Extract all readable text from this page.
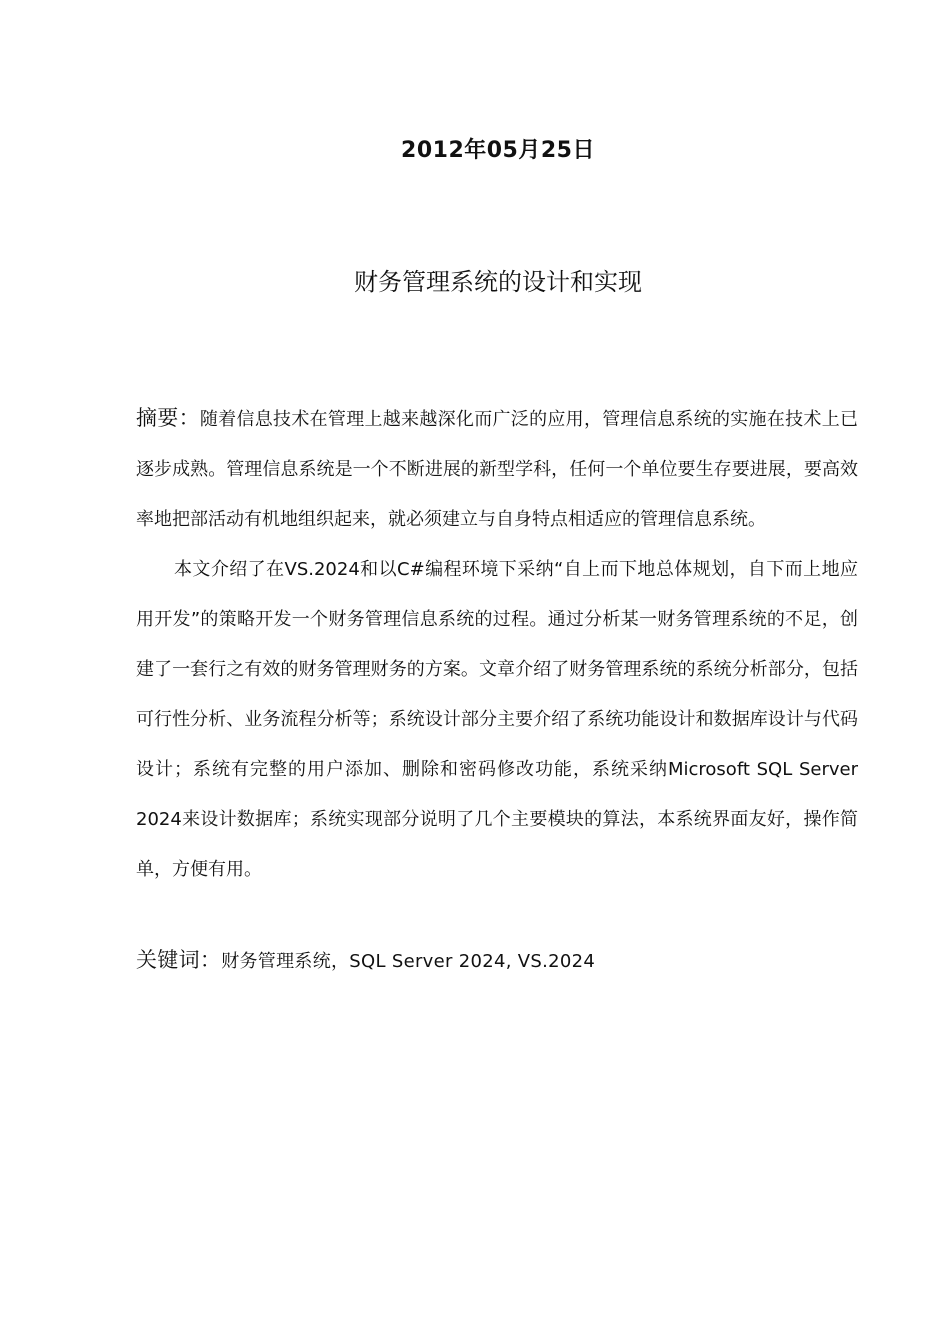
2012年05月25日
财务管理系统的设计和实现

摘要：随着信息技术在管理上越来越深化而广泛的应用，管理信息系统的实施在技术上已逐步成熟。管理信息系统是一个不断进展的新型学科，任何一个单位要生存要进展，要高效率地把部活动有机地组织起来，就必须建立与自身特点相适应的管理信息系统。

本文介绍了在VS.2024和以C#编程环境下采纳“自上而下地总体规划，自下而上地应用开发”的策略开发一个财务管理信息系统的过程。通过分析某一财务管理系统的不足，创建了一套行之有效的财务管理财务的方案。文章介绍了财务管理系统的系统分析部分，包括可行性分析、业务流程分析等；系统设计部分主要介绍了系统功能设计和数据库设计与代码设计；系统有完整的用户添加、删除和密码修改功能，系统采纳Microsoft SQL Server 2024来设计数据库；系统实现部分说明了几个主要模块的算法，本系统界面友好，操作简单，方便有用。

关键词：财务管理系统，SQL Server 2024, VS.2024
